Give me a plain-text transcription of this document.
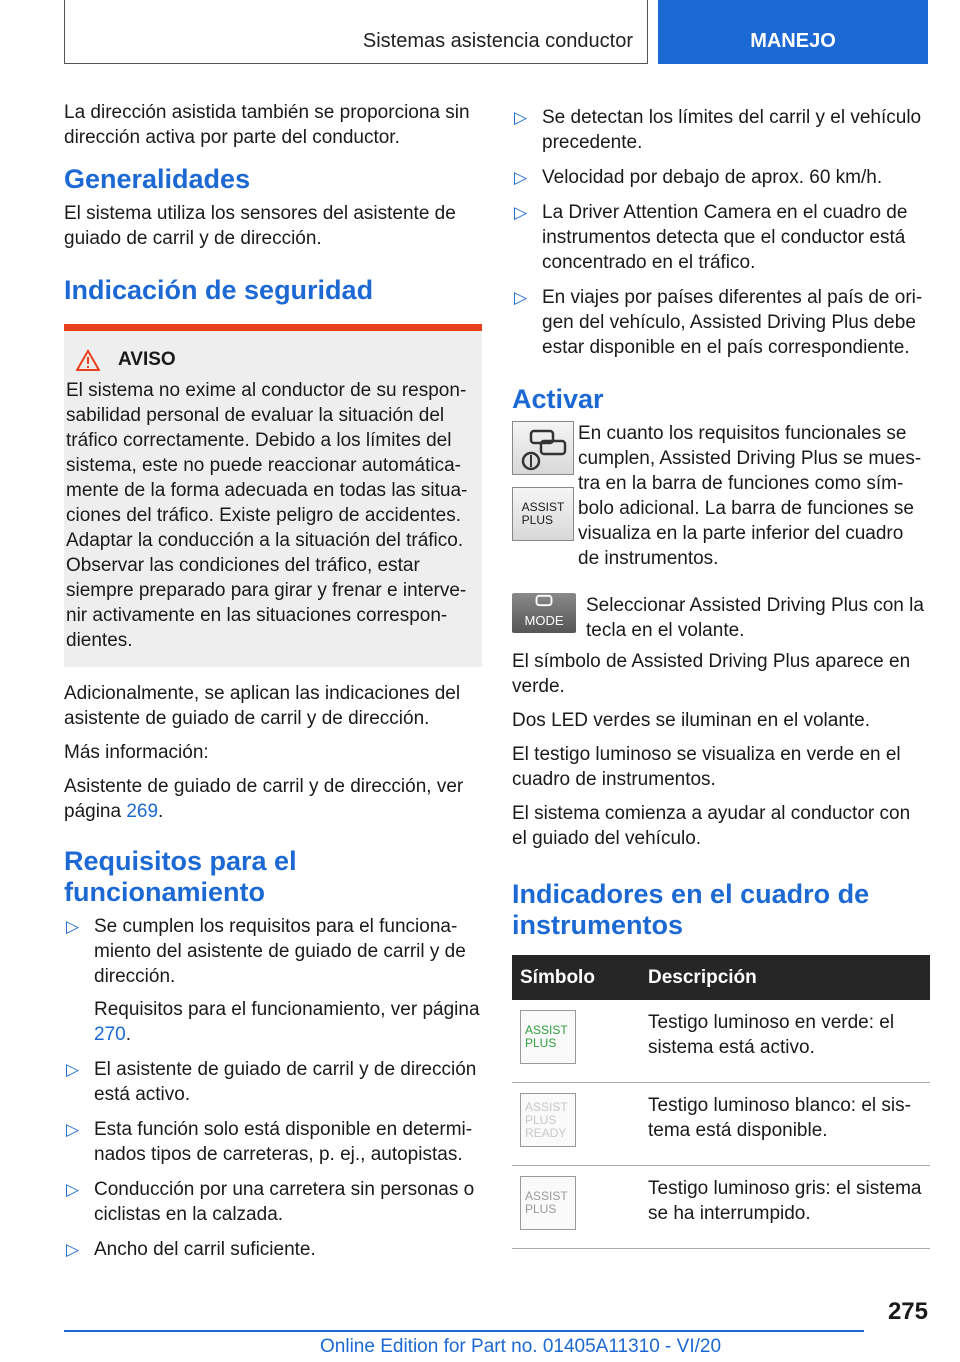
Sistemas asistencia conductor	MANEJO

La dirección asistida también se proporciona sin dirección activa por parte del conductor.

Generalidades

El sistema utiliza los sensores del asistente de guiado de carril y de dirección.

Indicación de seguridad
AVISO
El sistema no exime al conductor de su responsabilidad personal de evaluar la situación del tráfico correctamente. Debido a los límites del sistema, este no puede reaccionar automáticamente de la forma adecuada en todas las situaciones del tráfico. Existe peligro de accidentes. Adaptar la conducción a la situación del tráfico. Observar las condiciones del tráfico, estar siempre preparado para girar y frenar e intervenir activamente en las situaciones correspondientes.

Adicionalmente, se aplican las indicaciones del asistente de guiado de carril y de dirección.

Más información:

Asistente de guiado de carril y de dirección, ver página 269.

Requisitos para el funcionamiento
▷ Se cumplen los requisitos para el funcionamiento del asistente de guiado de carril y de dirección.
Requisitos para el funcionamiento, ver página 270.
▷ El asistente de guiado de carril y de dirección está activo.
▷ Esta función solo está disponible en determinados tipos de carreteras, p. ej., autopistas.
▷ Conducción por una carretera sin personas o ciclistas en la calzada.
▷ Ancho del carril suficiente.
▷ Se detectan los límites del carril y el vehículo precedente.
▷ Velocidad por debajo de aprox. 60 km/h.
▷ La Driver Attention Camera en el cuadro de instrumentos detecta que el conductor está concentrado en el tráfico.
▷ En viajes por países diferentes al país de origen del vehículo, Assisted Driving Plus debe estar disponible en el país correspondiente.
Activar
ASSIST
PLUS
En cuanto los requisitos funcionales se cumplen, Assisted Driving Plus se muestra en la barra de funciones como símbolo adicional. La barra de funciones se visualiza en la parte inferior del cuadro de instrumentos.
MODE
Seleccionar Assisted Driving Plus con la tecla en el volante.

El símbolo de Assisted Driving Plus aparece en verde.

Dos LED verdes se iluminan en el volante.

El testigo luminoso se visualiza en verde en el cuadro de instrumentos.

El sistema comienza a ayudar al conductor con el guiado del vehículo.

Indicadores en el cuadro de instrumentos
Símbolo	Descripción

ASSIST
PLUS	Testigo luminoso en verde: el sistema está activo.

ASSIST
PLUS
READY	Testigo luminoso blanco: el sistema está disponible.

ASSIST
PLUS	Testigo luminoso gris: el sistema se ha interrumpido.
275
Online Edition for Part no. 01405A11310 - VI/20
